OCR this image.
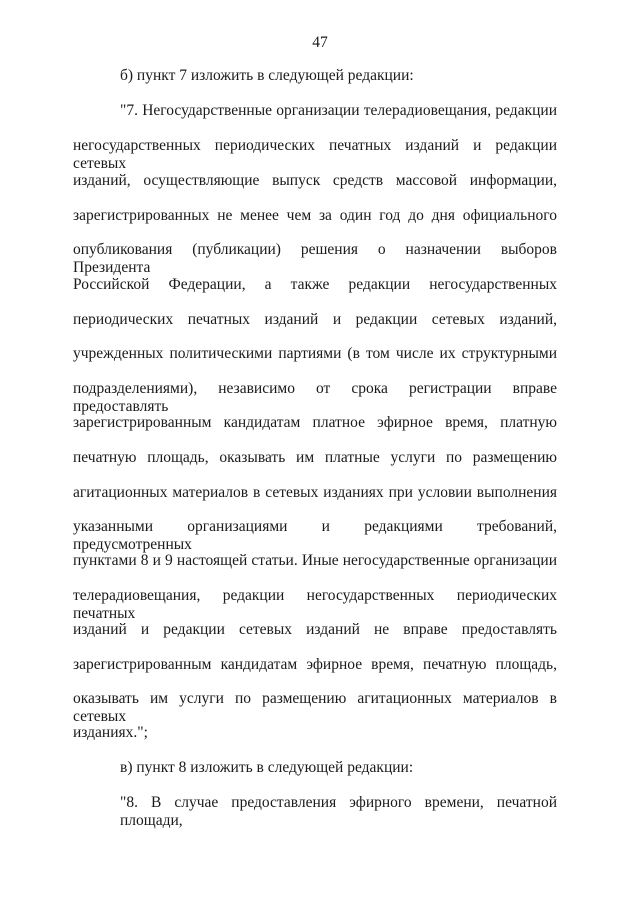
47
б) пункт 7 изложить в следующей редакции:
"7. Негосударственные организации телерадиовещания, редакции
негосударственных периодических печатных изданий и редакции сетевых
изданий, осуществляющие выпуск средств массовой информации,
зарегистрированных не менее чем за один год до дня официального
опубликования (публикации) решения о назначении выборов Президента
Российской Федерации, а также редакции негосударственных
периодических печатных изданий и редакции сетевых изданий,
учрежденных политическими партиями (в том числе их структурными
подразделениями), независимо от срока регистрации вправе предоставлять
зарегистрированным кандидатам платное эфирное время, платную
печатную площадь, оказывать им платные услуги по размещению
агитационных материалов в сетевых изданиях при условии выполнения
указанными организациями и редакциями требований, предусмотренных
пунктами 8 и 9 настоящей статьи. Иные негосударственные организации
телерадиовещания, редакции негосударственных периодических печатных
изданий и редакции сетевых изданий не вправе предоставлять
зарегистрированным кандидатам эфирное время, печатную площадь,
оказывать им услуги по размещению агитационных материалов в сетевых
изданиях.";
в) пункт 8 изложить в следующей редакции:
"8. В случае предоставления эфирного времени, печатной площади,
